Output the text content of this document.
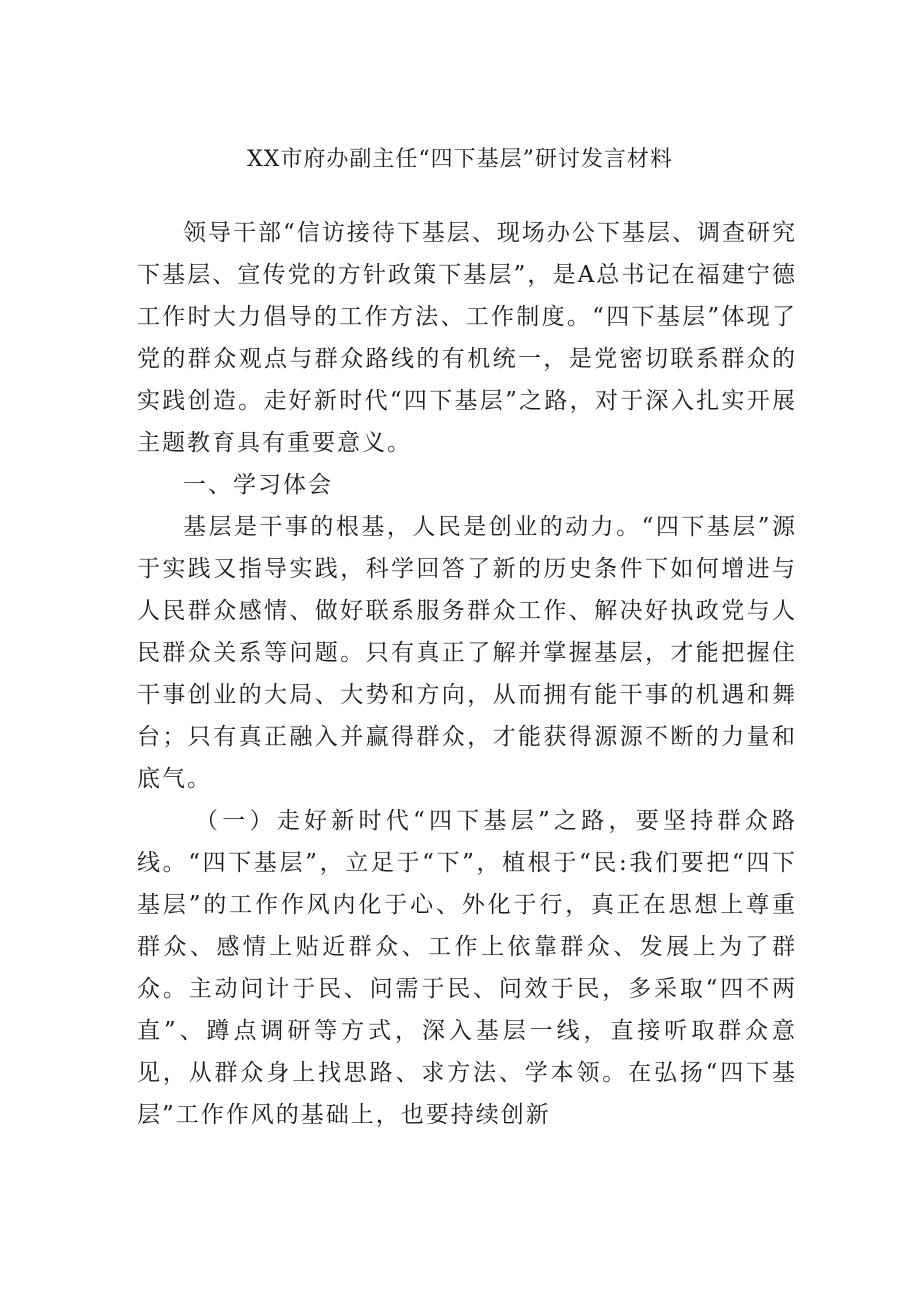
XX市府办副主任“四下基层”研讨发言材料

领导干部“信访接待下基层、现场办公下基层、调查研究下基层、宣传党的方针政策下基层”，是A总书记在福建宁德工作时大力倡导的工作方法、工作制度。“四下基层”体现了党的群众观点与群众路线的有机统一，是党密切联系群众的实践创造。走好新时代“四下基层”之路，对于深入扎实开展主题教育具有重要意义。

一、学习体会

基层是干事的根基，人民是创业的动力。“四下基层”源于实践又指导实践，科学回答了新的历史条件下如何增进与人民群众感情、做好联系服务群众工作、解决好执政党与人民群众关系等问题。只有真正了解并掌握基层，才能把握住干事创业的大局、大势和方向，从而拥有能干事的机遇和舞台；只有真正融入并赢得群众，才能获得源源不断的力量和底气。

（一）走好新时代“四下基层”之路，要坚持群众路线。“四下基层”，立足于“下”，植根于“民:我们要把“四下基层”的工作作风内化于心、外化于行，真正在思想上尊重群众、感情上贴近群众、工作上依靠群众、发展上为了群众。主动问计于民、问需于民、问效于民，多采取“四不两直”、蹲点调研等方式，深入基层一线，直接听取群众意见，从群众身上找思路、求方法、学本领。在弘扬“四下基层”工作作风的基础上，也要持续创新
